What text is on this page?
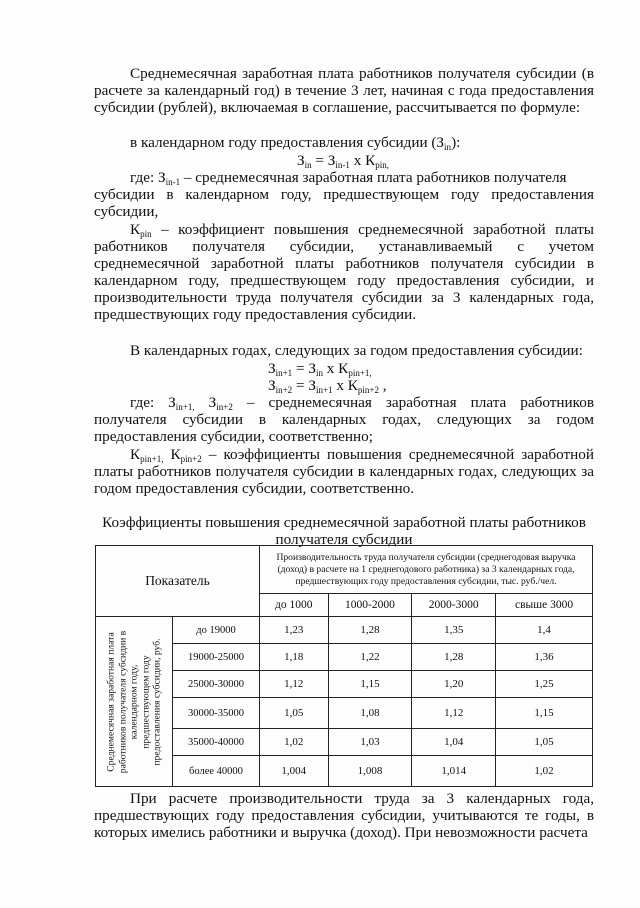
Среднемесячная заработная плата работников получателя субсидии (в расчете за календарный год) в течение 3 лет, начиная с года предоставления субсидии (рублей), включаемая в соглашение, рассчитывается по формуле:

в календарном году предоставления субсидии $(З_{in})$:
$З_{in} = З_{in-1}$ х $К_{pin,}$

где: $З_{in-1}$ – среднемесячная заработная плата работников получателя

субсидии в календарном году, предшествующем году предоставления

субсидии,

$К_{pin}$ – коэффициент повышения среднемесячной заработной платы работников получателя субсидии, устанавливаемый с учетом среднемесячной заработной платы работников получателя субсидии в календарном году, предшествующем году предоставления субсидии, и производительности труда получателя субсидии за 3 календарных года, предшествующих году предоставления субсидии.

В календарных годах, следующих за годом предоставления субсидии:

$З_{in+1} = З_{in}$ х $К_{pin+1,}$
$З_{in+2} = З_{in+1}$ х $К_{pin+2}$ ,

где: $З_{in+1,}$ $З_{in+2}$ – среднемесячная заработная плата работников получателя субсидии в календарных годах, следующих за годом предоставления субсидии, соответственно;

$К_{pin+1,}$ $К_{pin+2}$ – коэффициенты повышения среднемесячной заработной платы работников получателя субсидии в календарных годах, следующих за годом предоставления субсидии, соответственно.

Коэффициенты повышения среднемесячной заработной платы работников получателя субсидии
Показатель		Производительность труда получателя субсидии (среднегодовая выручка (доход) в расчете на 1 среднегодового работника) за 3 календарных года, предшествующих году предоставления субсидии, тыс. руб./чел.			
		до 1000	1000-2000	2000-3000	свыше 3000

Среднемесячная заработная плата работников получателя субсидии в календарном году, предшествующем году предоставления субсидии, руб.	до 19000	1,23	1,28	1,35	1,4
	19000-25000	1,18	1,22	1,28	1,36
	25000-30000	1,12	1,15	1,20	1,25
	30000-35000	1,05	1,08	1,12	1,15
	35000-40000	1,02	1,03	1,04	1,05
	более 40000	1,004	1,008	1,014	1,02

При расчете производительности труда за 3 календарных года, предшествующих году предоставления субсидии, учитываются те годы, в которых имелись работники и выручка (доход). При невозможности расчета
